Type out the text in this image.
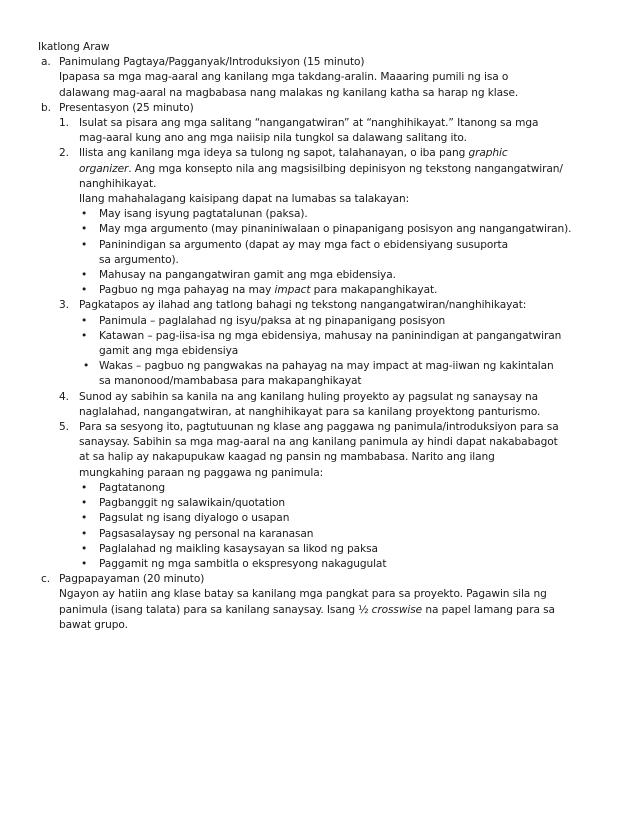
Ikatlong Araw
a. Panimulang Pagtaya/Pagganyak/Introduksiyon (15 minuto)
Ipapasa sa mga mag-aaral ang kanilang mga takdang-aralin. Maaaring pumili ng isa o
dalawang mag-aaral na magbabasa nang malakas ng kanilang katha sa harap ng klase.
b. Presentasyon (25 minuto)
1. Isulat sa pisara ang mga salitang “nangangatwiran” at “nanghihikayat.” Itanong sa mga
mag-aaral kung ano ang mga naiisip nila tungkol sa dalawang salitang ito.
2. Ilista ang kanilang mga ideya sa tulong ng sapot, talahanayan, o iba pang graphic
organizer. Ang mga konsepto nila ang magsisilbing depinisyon ng tekstong nangangatwiran/
nanghihikayat.
Ilang mahahalagang kaisipang dapat na lumabas sa talakayan:
• May isang isyung pagtatalunan (paksa).
• May mga argumento (may pinaniniwalaan o pinapanigang posisyon ang nangangatwiran).
• Paninindigan sa argumento (dapat ay may mga fact o ebidensiyang susuporta
sa argumento).
• Mahusay na pangangatwiran gamit ang mga ebidensiya.
• Pagbuo ng mga pahayag na may impact para makapanghikayat.
3. Pagkatapos ay ilahad ang tatlong bahagi ng tekstong nangangatwiran/nanghihikayat:
• Panimula – paglalahad ng isyu/paksa at ng pinapanigang posisyon
• Katawan – pag-iisa-isa ng mga ebidensiya, mahusay na paninindigan at pangangatwiran
gamit ang mga ebidensiya
• Wakas – pagbuo ng pangwakas na pahayag na may impact at mag-iiwan ng kakintalan
sa manonood/mambabasa para makapanghikayat
4. Sunod ay sabihin sa kanila na ang kanilang huling proyekto ay pagsulat ng sanaysay na
naglalahad, nangangatwiran, at nanghihikayat para sa kanilang proyektong panturismo.
5. Para sa sesyong ito, pagtutuunan ng klase ang paggawa ng panimula/introduksiyon para sa
sanaysay. Sabihin sa mga mag-aaral na ang kanilang panimula ay hindi dapat nakababagot
at sa halip ay nakapupukaw kaagad ng pansin ng mambabasa. Narito ang ilang
mungkahing paraan ng paggawa ng panimula:
• Pagtatanong
• Pagbanggit ng salawikain/quotation
• Pagsulat ng isang diyalogo o usapan
• Pagsasalaysay ng personal na karanasan
• Paglalahad ng maikling kasaysayan sa likod ng paksa
• Paggamit ng mga sambitla o ekspresyong nakagugulat
c. Pagpapayaman (20 minuto)
Ngayon ay hatiin ang klase batay sa kanilang mga pangkat para sa proyekto. Pagawin sila ng
panimula (isang talata) para sa kanilang sanaysay. Isang ½ crosswise na papel lamang para sa
bawat grupo.
